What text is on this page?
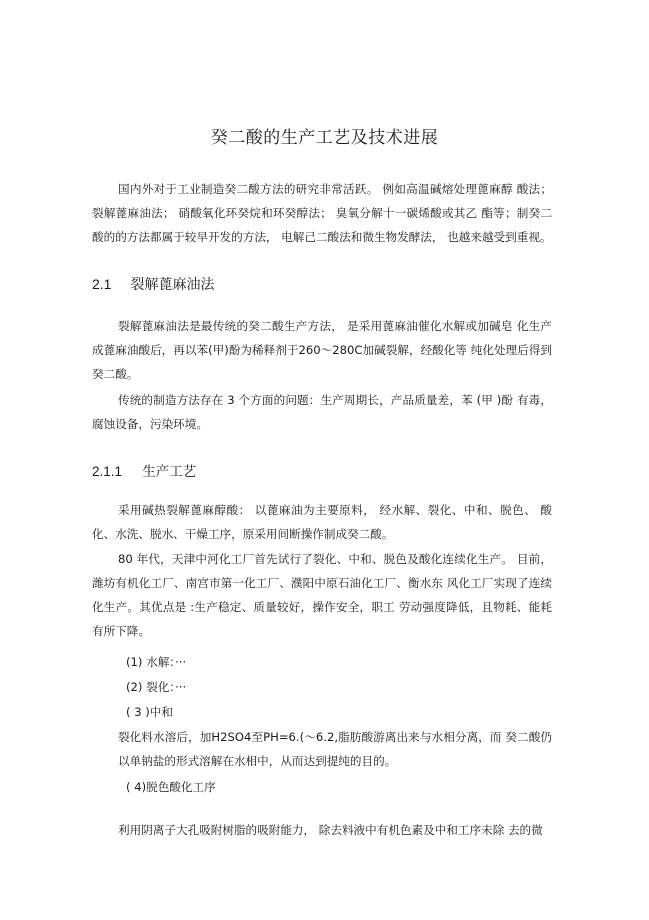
癸二酸的生产工艺及技术进展

国内外对于工业制造癸二酸方法的研究非常活跃。 例如高温碱熔处理蓖麻醇 酸法；裂解蓖麻油法； 硝酸氧化环癸烷和环癸醇法； 臭氧分解十一碳烯酸或其乙 酯等；制癸二酸的的方法都属于较早开发的方法， 电解己二酸法和微生物发酵法， 也越来越受到重视。

2.1 裂解蓖麻油法

裂解蓖麻油法是最传统的癸二酸生产方法， 是采用蓖麻油催化水解或加碱皂 化生产成蓖麻油酸后，再以苯(甲)酚为稀释剂于260～280C加碱裂解，经酸化等 纯化处理后得到癸二酸。

传统的制造方法存在 3 个方面的问题：生产周期长，产品质量差，苯 (甲 )酚 有毒，腐蚀设备，污染环境。

2.1.1 生产工艺

采用碱热裂解蓖麻醇酸： 以蓖麻油为主要原料， 经水解、裂化、中和、脱色、 酸化、水洗、脱水、干燥工序，原采用间断操作制成癸二酸。

80 年代，天津中河化工厂首先试行了裂化、中和、脱色及酸化连续化生产。 目前，潍坊有机化工厂、南宫市第一化工厂、濮阳中原石油化工厂、衡水东 风化工厂实现了连续化生产。其优点是 :生产稳定、质量较好，操作安全，职工 劳动强度降低，且物耗、能耗有所下降。

(1) 水解：···
(2) 裂化：···
( 3 )中和

裂化料水溶后，加H2SO4至PH=6.(～6.2,脂肪酸游离出来与水相分离，而 癸二酸仍以单钠盐的形式溶解在水相中，从而达到提纯的目的。

( 4)脱色酸化工序

利用阴离子大孔吸附树脂的吸附能力， 除去料液中有机色素及中和工序未除 去的微
